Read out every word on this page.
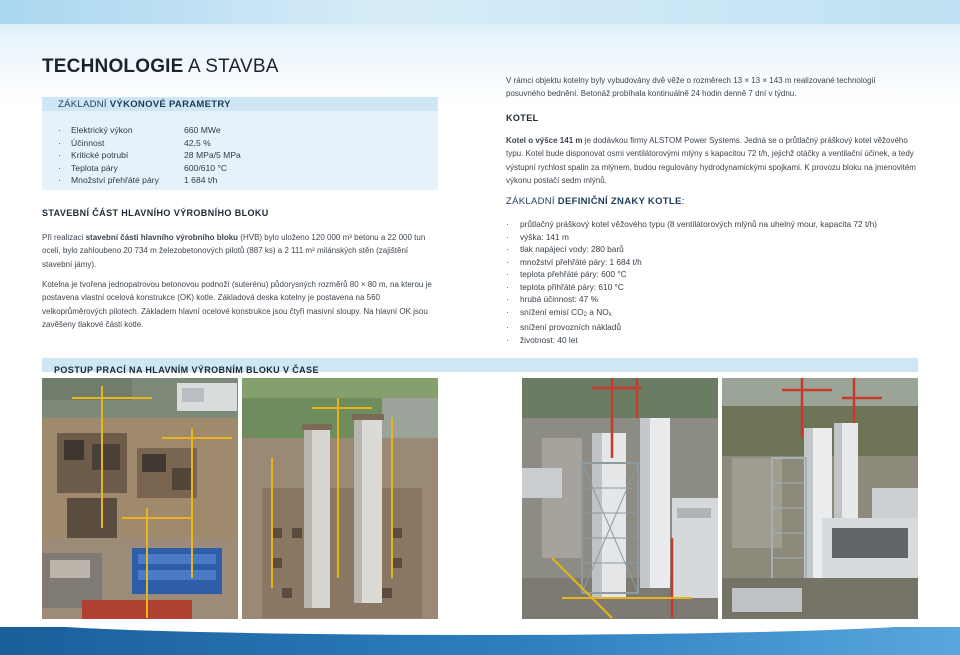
TECHNOLOGIE A STAVBA
ZÁKLADNÍ VÝKONOVÉ PARAMETRY
· Elektrický výkon	660 MWe
· Účinnost	42,5 %
· Kritické potrubí	28 MPa/5 MPa
· Teplota páry	600/610 °C
· Množství přehřáté páry	1 684 t/h
STAVEBNÍ ČÁST HLAVNÍHO VÝROBNÍHO BLOKU

Při realizaci stavební části hlavního výrobního bloku (HVB) bylo uloženo 120 000 m³ betonu a 22 000 tun oceli, bylo zahloubeno 20 734 m železobetonových pilotů (887 ks) a 2 111 m² milánských stěn (zajištění stavební jámy).

Kotelna je tvořena jednopatrovou betonovou podnoží (suterénu) půdorysných rozměrů 80 × 80 m, na kterou je postavena vlastní ocelová konstrukce (OK) kotle. Základová deska kotelny je postavena na 560 velkoprůměrových pilotech. Základem hlavní ocelové konstrukce jsou čtyři masivní sloupy. Na hlavní OK jsou zavěšeny tlakové části kotle.

V rámci objektu kotelny byly vybudovány dvě věže o rozměrech 13 × 13 × 143 m realizované technologií posuvného bednění. Betonáž probíhala kontinuálně 24 hodin denně 7 dní v týdnu.

KOTEL

Kotel o výšce 141 m je dodávkou firmy ALSTOM Power Systems. Jedná se o průtlačný práškový kotel věžového typu. Kotel bude disponovat osmi ventilátorovými mlýny s kapacitou 72 t/h, jejichž otáčky a ventilační účinek, a tedy výstupní rychlost spalin za mlýnem, budou regulovány hydrodynamickými spojkami. K provozu bloku na jmenovitém výkonu postačí sedm mlýnů.

ZÁKLADNÍ DEFINIČNÍ ZNAKY KOTLE:
· průtlačný práškový kotel věžového typu (8 ventilátorových mlýnů na uhelný mour, kapacita 72 t/h)
· výška: 141 m
· tlak napájecí vody: 280 barů
· množství přehřáté páry: 1 684 t/h
· teplota přehřáté páry: 600 °C
· teplota přihřáté páry: 610 °C
· hrubá účinnost: 47 %
· snížení emisí $CO_2$ a $NO_x$
· snížení provozních nákladů
· životnost: 40 let
POSTUP PRACÍ NA HLAVNÍM VÝROBNÍM BLOKU V ČASE
